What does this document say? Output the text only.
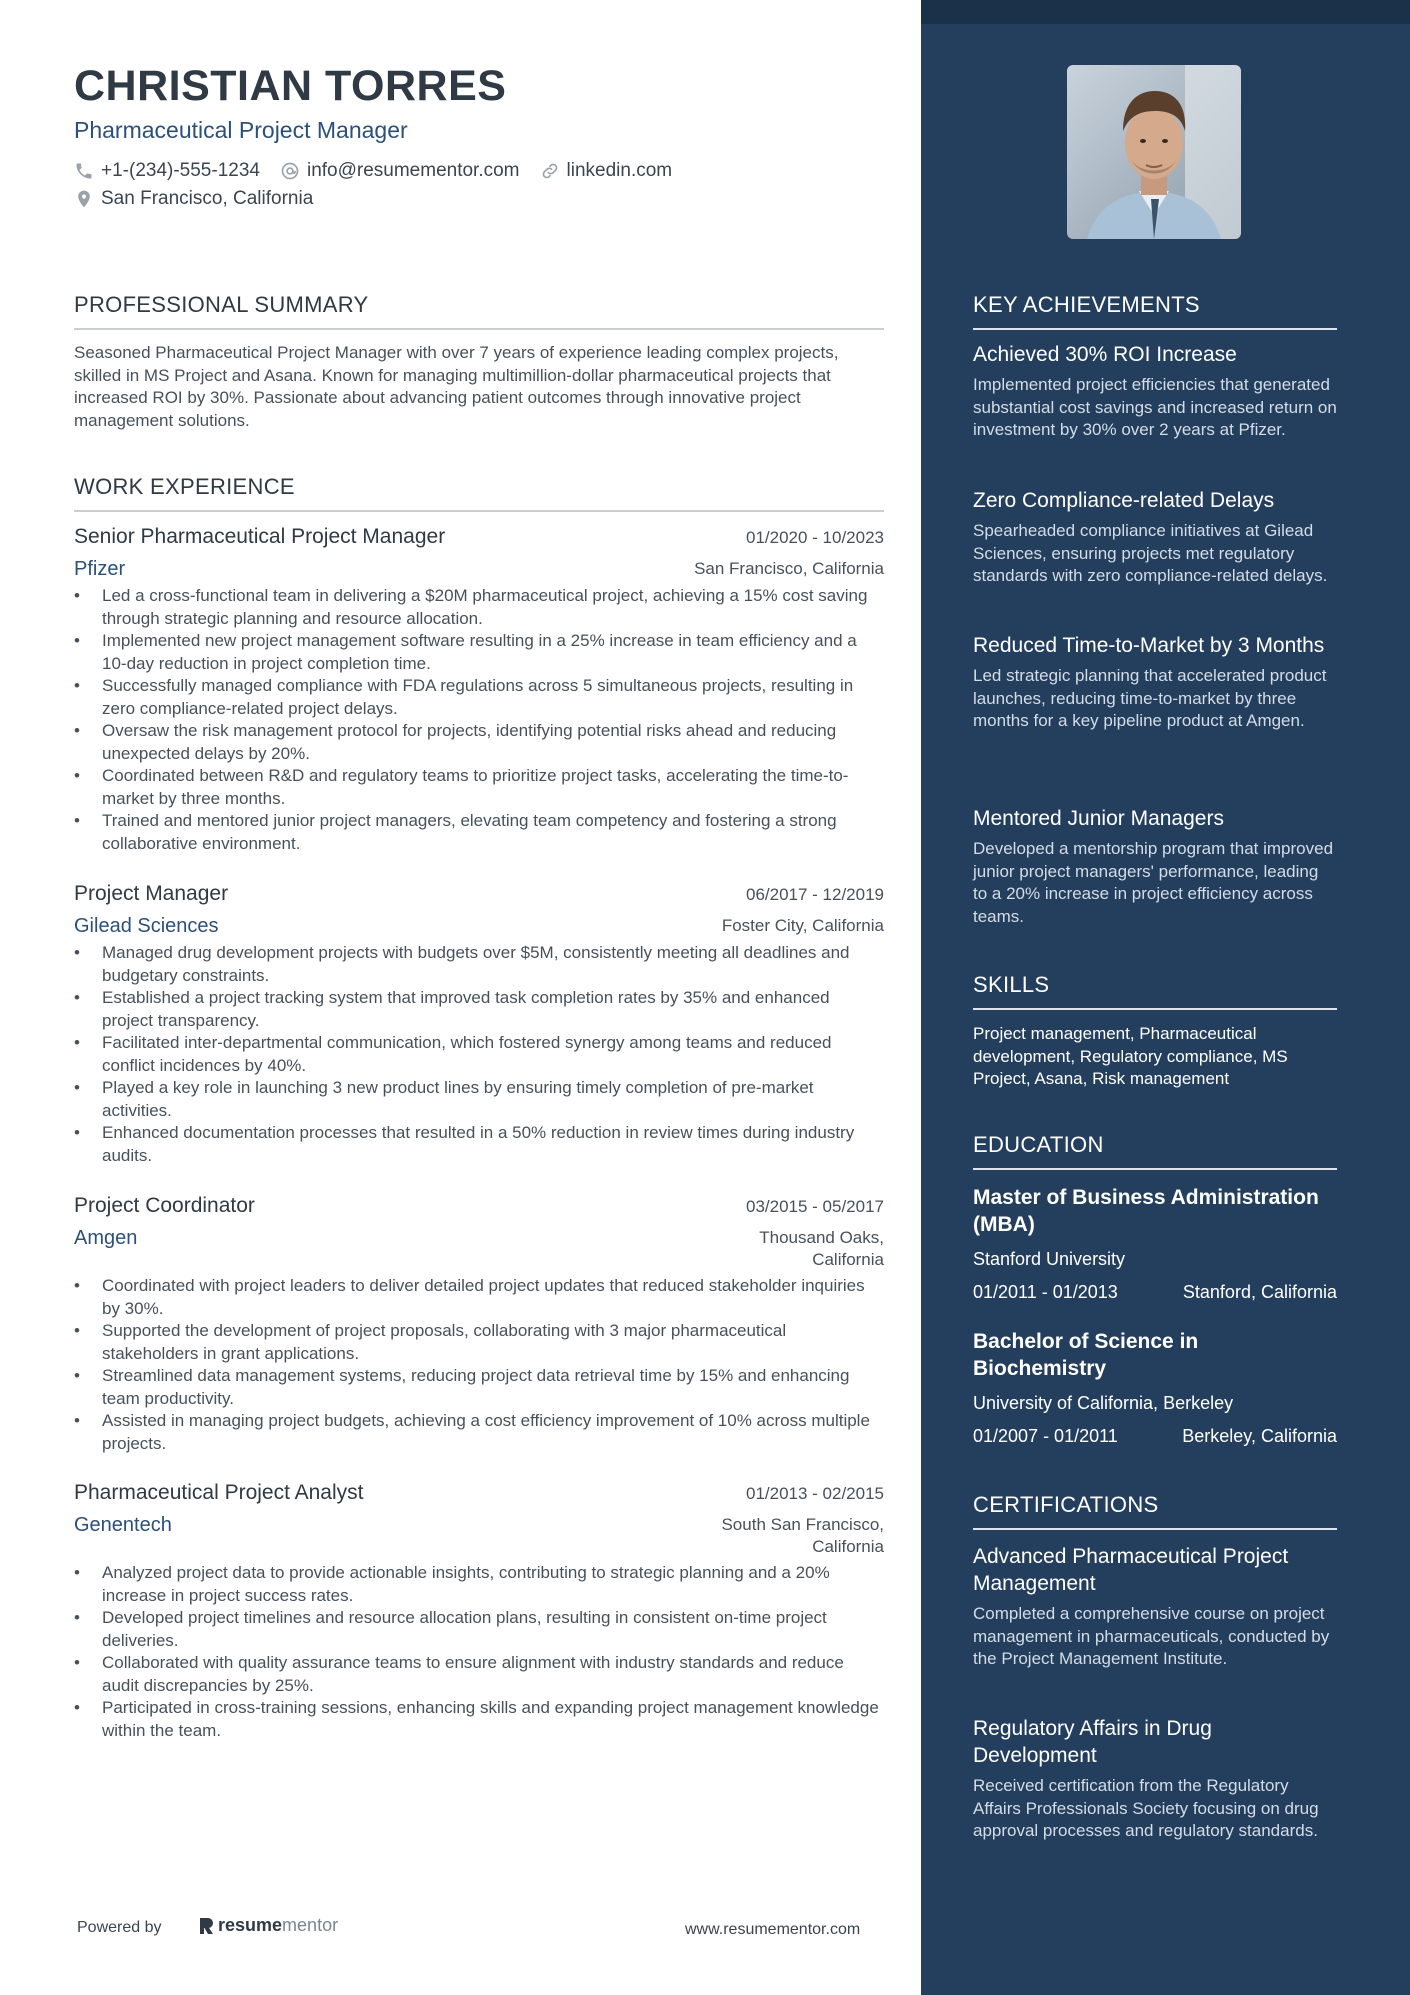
CHRISTIAN TORRES
Pharmaceutical Project Manager
+1-(234)-555-1234 info@resumementor.com linkedin.com
San Francisco, California
PROFESSIONAL SUMMARY

Seasoned Pharmaceutical Project Manager with over 7 years of experience leading complex projects, skilled in MS Project and Asana. Known for managing multimillion-dollar pharmaceutical projects that increased ROI by 30%. Passionate about advancing patient outcomes through innovative project management solutions.

WORK EXPERIENCE
Senior Pharmaceutical Project Manager	01/2020 - 10/2023
Pfizer	San Francisco, California
• Led a cross-functional team in delivering a $20M pharmaceutical project, achieving a 15% cost saving through strategic planning and resource allocation.
• Implemented new project management software resulting in a 25% increase in team efficiency and a 10-day reduction in project completion time.
• Successfully managed compliance with FDA regulations across 5 simultaneous projects, resulting in zero compliance-related project delays.
• Oversaw the risk management protocol for projects, identifying potential risks ahead and reducing unexpected delays by 20%.
• Coordinated between R&D and regulatory teams to prioritize project tasks, accelerating the time-to-market by three months.
• Trained and mentored junior project managers, elevating team competency and fostering a strong collaborative environment.
Project Manager	06/2017 - 12/2019
Gilead Sciences	Foster City, California
• Managed drug development projects with budgets over $5M, consistently meeting all deadlines and budgetary constraints.
• Established a project tracking system that improved task completion rates by 35% and enhanced project transparency.
• Facilitated inter-departmental communication, which fostered synergy among teams and reduced conflict incidences by 40%.
• Played a key role in launching 3 new product lines by ensuring timely completion of pre-market activities.
• Enhanced documentation processes that resulted in a 50% reduction in review times during industry audits.
Project Coordinator	03/2015 - 05/2017
Amgen	Thousand Oaks,
California
• Coordinated with project leaders to deliver detailed project updates that reduced stakeholder inquiries by 30%.
• Supported the development of project proposals, collaborating with 3 major pharmaceutical stakeholders in grant applications.
• Streamlined data management systems, reducing project data retrieval time by 15% and enhancing team productivity.
• Assisted in managing project budgets, achieving a cost efficiency improvement of 10% across multiple projects.
Pharmaceutical Project Analyst	01/2013 - 02/2015
Genentech	South San Francisco,
California
• Analyzed project data to provide actionable insights, contributing to strategic planning and a 20% increase in project success rates.
• Developed project timelines and resource allocation plans, resulting in consistent on-time project deliveries.
• Collaborated with quality assurance teams to ensure alignment with industry standards and reduce audit discrepancies by 25%.
• Participated in cross-training sessions, enhancing skills and expanding project management knowledge within the team.
Powered by	resume mentor	www.resumementor.com
KEY ACHIEVEMENTS
Achieved 30% ROI Increase
Implemented project efficiencies that generated substantial cost savings and increased return on investment by 30% over 2 years at Pfizer.
Zero Compliance-related Delays
Spearheaded compliance initiatives at Gilead Sciences, ensuring projects met regulatory standards with zero compliance-related delays.
Reduced Time-to-Market by 3 Months
Led strategic planning that accelerated product launches, reducing time-to-market by three months for a key pipeline product at Amgen.
Mentored Junior Managers
Developed a mentorship program that improved junior project managers' performance, leading to a 20% increase in project efficiency across teams.
SKILLS
Project management, Pharmaceutical development, Regulatory compliance, MS Project, Asana, Risk management
EDUCATION
Master of Business Administration (MBA)
Stanford University
01/2011 - 01/2013	Stanford, California
Bachelor of Science in Biochemistry
University of California, Berkeley
01/2007 - 01/2011	Berkeley, California
CERTIFICATIONS
Advanced Pharmaceutical Project Management
Completed a comprehensive course on project management in pharmaceuticals, conducted by the Project Management Institute.
Regulatory Affairs in Drug Development
Received certification from the Regulatory Affairs Professionals Society focusing on drug approval processes and regulatory standards.
